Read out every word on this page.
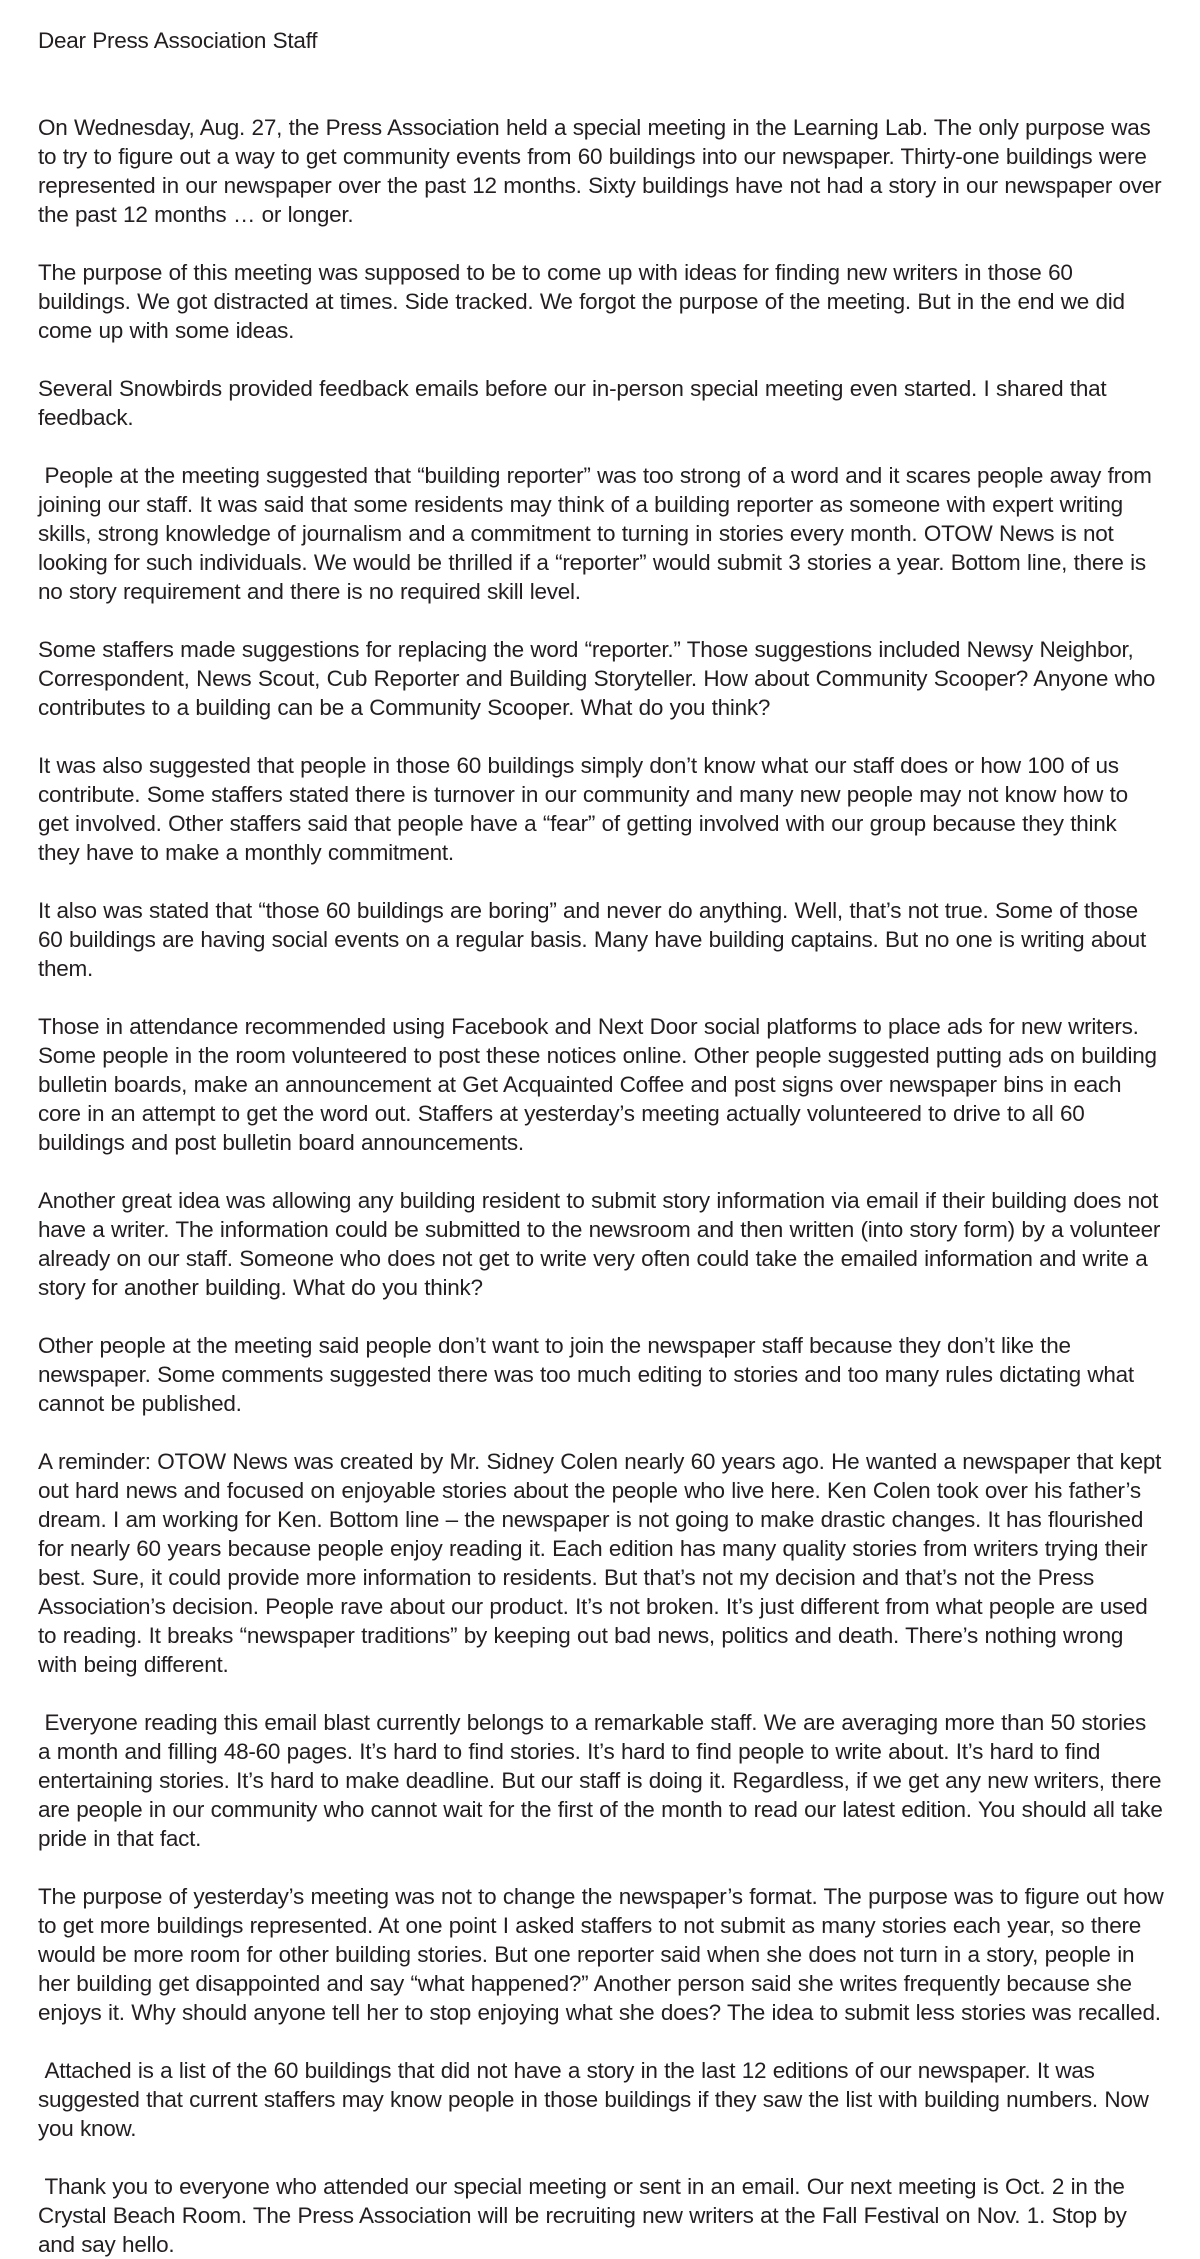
Dear Press Association Staff

On Wednesday, Aug. 27, the Press Association held a special meeting in the Learning Lab. The only purpose was to try to figure out a way to get community events from 60 buildings into our newspaper. Thirty-one buildings were represented in our newspaper over the past 12 months. Sixty buildings have not had a story in our newspaper over the past 12 months … or longer.

The purpose of this meeting was supposed to be to come up with ideas for finding new writers in those 60 buildings. We got distracted at times. Side tracked. We forgot the purpose of the meeting. But in the end we did come up with some ideas.

Several Snowbirds provided feedback emails before our in-person special meeting even started. I shared that feedback.

People at the meeting suggested that “building reporter” was too strong of a word and it scares people away from joining our staff. It was said that some residents may think of a building reporter as someone with expert writing skills, strong knowledge of journalism and a commitment to turning in stories every month. OTOW News is not looking for such individuals. We would be thrilled if a “reporter” would submit 3 stories a year. Bottom line, there is no story requirement and there is no required skill level.

Some staffers made suggestions for replacing the word “reporter.” Those suggestions included Newsy Neighbor, Correspondent, News Scout, Cub Reporter and Building Storyteller. How about Community Scooper? Anyone who contributes to a building can be a Community Scooper. What do you think?

It was also suggested that people in those 60 buildings simply don’t know what our staff does or how 100 of us contribute. Some staffers stated there is turnover in our community and many new people may not know how to get involved. Other staffers said that people have a “fear” of getting involved with our group because they think they have to make a monthly commitment.

It also was stated that “those 60 buildings are boring” and never do anything. Well, that’s not true. Some of those 60 buildings are having social events on a regular basis. Many have building captains. But no one is writing about them.

Those in attendance recommended using Facebook and Next Door social platforms to place ads for new writers. Some people in the room volunteered to post these notices online. Other people suggested putting ads on building bulletin boards, make an announcement at Get Acquainted Coffee and post signs over newspaper bins in each core in an attempt to get the word out. Staffers at yesterday’s meeting actually volunteered to drive to all 60 buildings and post bulletin board announcements.

Another great idea was allowing any building resident to submit story information via email if their building does not have a writer. The information could be submitted to the newsroom and then written (into story form) by a volunteer already on our staff. Someone who does not get to write very often could take the emailed information and write a story for another building. What do you think?

Other people at the meeting said people don’t want to join the newspaper staff because they don’t like the newspaper. Some comments suggested there was too much editing to stories and too many rules dictating what cannot be published.

A reminder: OTOW News was created by Mr. Sidney Colen nearly 60 years ago. He wanted a newspaper that kept out hard news and focused on enjoyable stories about the people who live here. Ken Colen took over his father’s dream. I am working for Ken. Bottom line – the newspaper is not going to make drastic changes. It has flourished for nearly 60 years because people enjoy reading it. Each edition has many quality stories from writers trying their best. Sure, it could provide more information to residents. But that’s not my decision and that’s not the Press Association’s decision. People rave about our product. It’s not broken. It’s just different from what people are used to reading. It breaks “newspaper traditions” by keeping out bad news, politics and death. There’s nothing wrong with being different.

Everyone reading this email blast currently belongs to a remarkable staff. We are averaging more than 50 stories a month and filling 48-60 pages. It’s hard to find stories. It’s hard to find people to write about. It’s hard to find entertaining stories. It’s hard to make deadline. But our staff is doing it. Regardless, if we get any new writers, there are people in our community who cannot wait for the first of the month to read our latest edition. You should all take pride in that fact.

The purpose of yesterday’s meeting was not to change the newspaper’s format. The purpose was to figure out how to get more buildings represented. At one point I asked staffers to not submit as many stories each year, so there would be more room for other building stories. But one reporter said when she does not turn in a story, people in her building get disappointed and say “what happened?” Another person said she writes frequently because she enjoys it. Why should anyone tell her to stop enjoying what she does? The idea to submit less stories was recalled.

Attached is a list of the 60 buildings that did not have a story in the last 12 editions of our newspaper. It was suggested that current staffers may know people in those buildings if they saw the list with building numbers. Now you know.

Thank you to everyone who attended our special meeting or sent in an email. Our next meeting is Oct. 2 in the Crystal Beach Room. The Press Association will be recruiting new writers at the Fall Festival on Nov. 1. Stop by and say hello.
